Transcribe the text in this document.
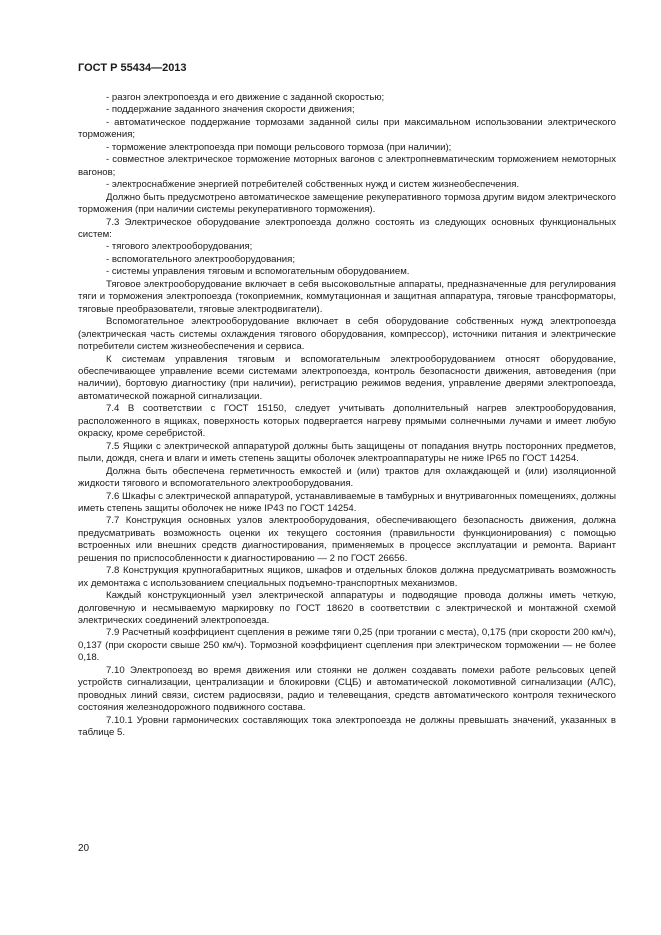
ГОСТ Р 55434—2013

- разгон электропоезда и его движение с заданной скоростью;

- поддержание заданного значения скорости движения;

- автоматическое поддержание тормозами заданной силы при максимальном использовании электрического торможения;

- торможение электропоезда при помощи рельсового тормоза (при наличии);

- совместное электрическое торможение моторных вагонов с электропневматическим торможением немоторных вагонов;

- электроснабжение энергией потребителей собственных нужд и систем жизнеобеспечения.

Должно быть предусмотрено автоматическое замещение рекуперативного тормоза другим видом электрического торможения (при наличии системы рекуперативного торможения).

7.3 Электрическое оборудование электропоезда должно состоять из следующих основных функциональных систем:

- тягового электрооборудования;

- вспомогательного электрооборудования;

- системы управления тяговым и вспомогательным оборудованием.

Тяговое электрооборудование включает в себя высоковольтные аппараты, предназначенные для регулирования тяги и торможения электропоезда (токоприемник, коммутационная и защитная аппаратура, тяговые трансформаторы, тяговые преобразователи, тяговые электродвигатели).

Вспомогательное электрооборудование включает в себя оборудование собственных нужд электропоезда (электрическая часть системы охлаждения тягового оборудования, компрессор), источники питания и электрические потребители систем жизнеобеспечения и сервиса.

К системам управления тяговым и вспомогательным электрооборудованием относят оборудование, обеспечивающее управление всеми системами электропоезда, контроль безопасности движения, автоведения (при наличии), бортовую диагностику (при наличии), регистрацию режимов ведения, управление дверями электропоезда, автоматической пожарной сигнализации.

7.4 В соответствии с ГОСТ 15150, следует учитывать дополнительный нагрев электрооборудования, расположенного в ящиках, поверхность которых подвергается нагреву прямыми солнечными лучами и имеет любую окраску, кроме серебристой.

7.5 Ящики с электрической аппаратурой должны быть защищены от попадания внутрь посторонних предметов, пыли, дождя, снега и влаги и иметь степень защиты оболочек электроаппаратуры не ниже IP65 по ГОСТ 14254.

Должна быть обеспечена герметичность емкостей и (или) трактов для охлаждающей и (или) изоляционной жидкости тягового и вспомогательного электрооборудования.

7.6 Шкафы с электрической аппаратурой, устанавливаемые в тамбурных и внутривагонных помещениях, должны иметь степень защиты оболочек не ниже IP43 по ГОСТ 14254.

7.7 Конструкция основных узлов электрооборудования, обеспечивающего безопасность движения, должна предусматривать возможность оценки их текущего состояния (правильности функционирования) с помощью встроенных или внешних средств диагностирования, применяемых в процессе эксплуатации и ремонта. Вариант решения по приспособленности к диагностированию — 2 по ГОСТ 26656.

7.8 Конструкция крупногабаритных ящиков, шкафов и отдельных блоков должна предусматривать возможность их демонтажа с использованием специальных подъемно-транспортных механизмов.

Каждый конструкционный узел электрической аппаратуры и подводящие провода должны иметь четкую, долговечную и несмываемую маркировку по ГОСТ 18620 в соответствии с электрической и монтажной схемой электрических соединений электропоезда.

7.9 Расчетный коэффициент сцепления в режиме тяги 0,25 (при трогании с места), 0,175 (при скорости 200 км/ч), 0,137 (при скорости свыше 250 км/ч). Тормозной коэффициент сцепления при электрическом торможении — не более 0,18.

7.10 Электропоезд во время движения или стоянки не должен создавать помехи работе рельсовых цепей устройств сигнализации, централизации и блокировки (СЦБ) и автоматической локомотивной сигнализации (АЛС), проводных линий связи, систем радиосвязи, радио и телевещания, средств автоматического контроля технического состояния железнодорожного подвижного состава.

7.10.1 Уровни гармонических составляющих тока электропоезда не должны превышать значений, указанных в таблице 5.

20
